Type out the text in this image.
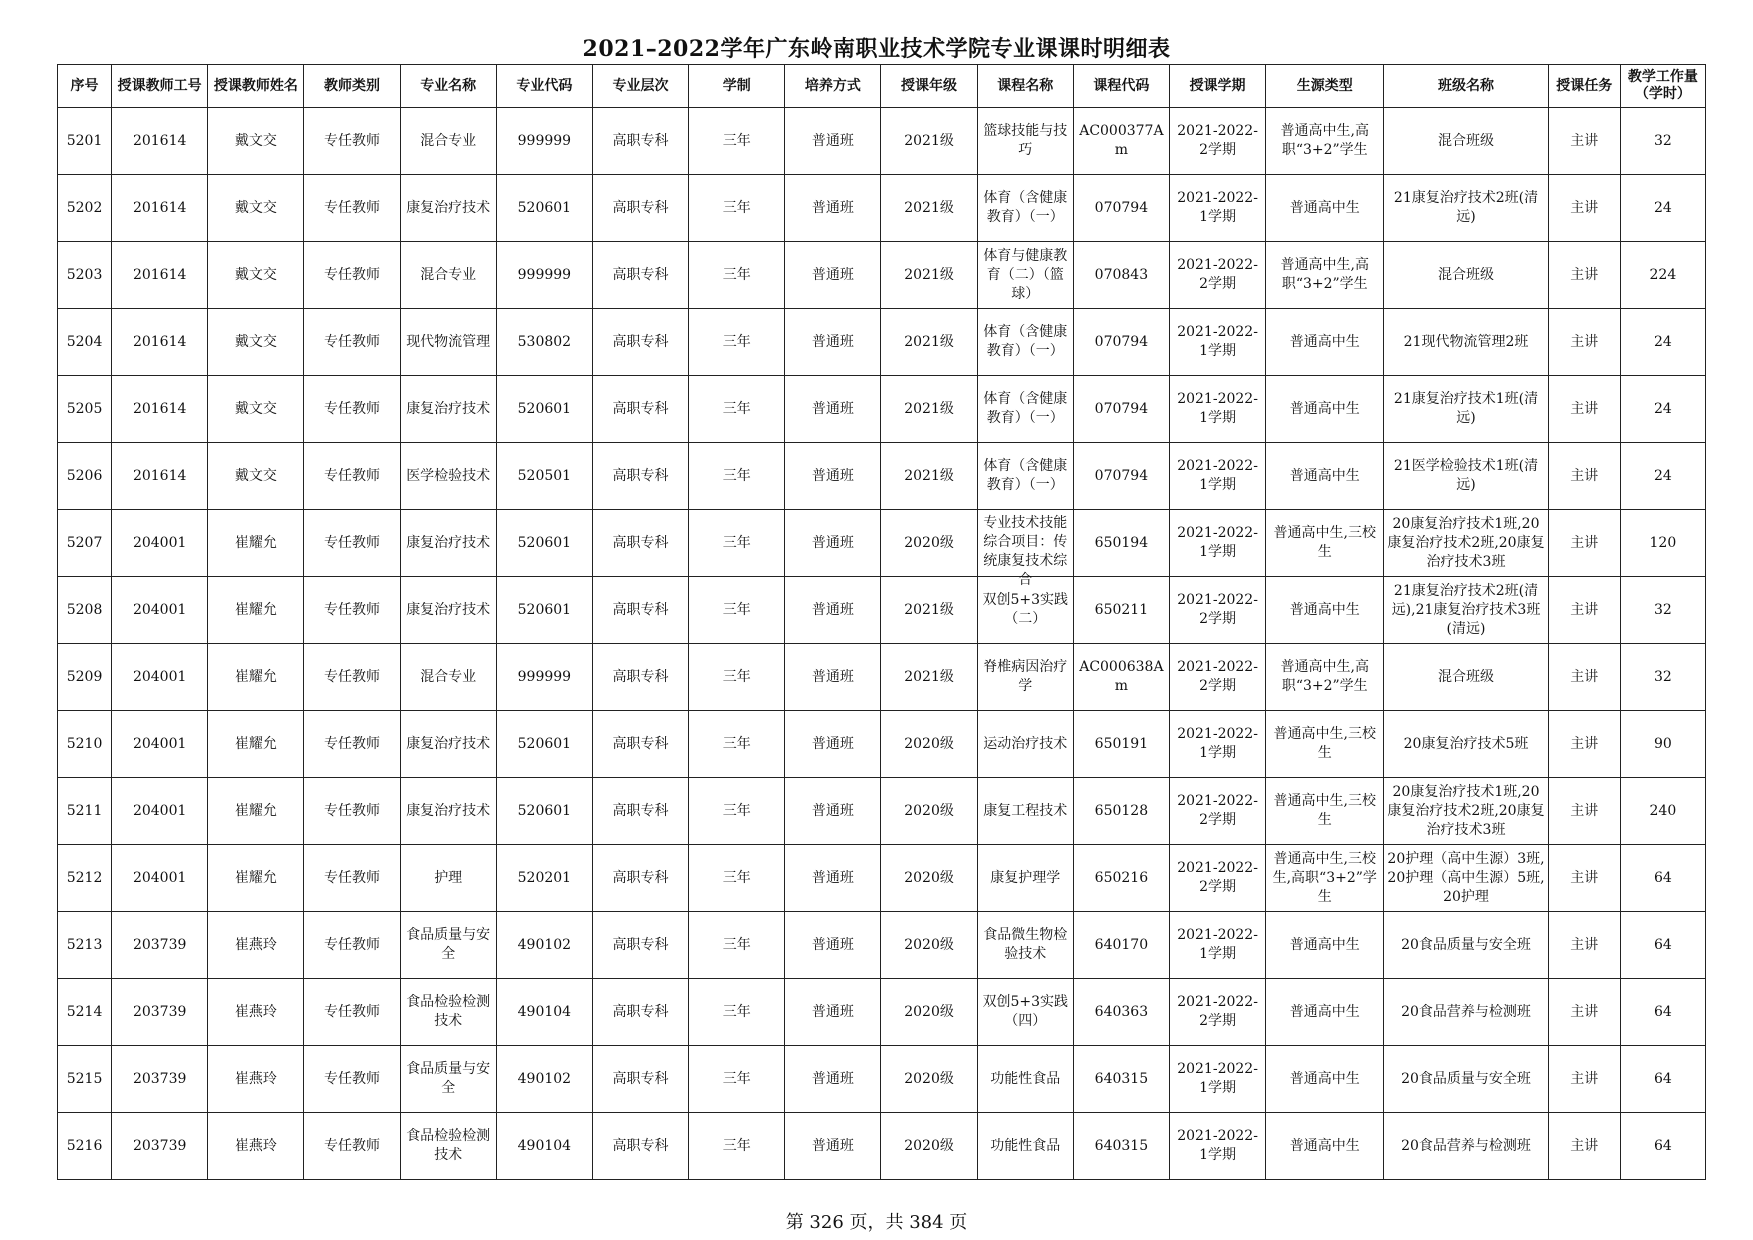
2021–2022学年广东岭南职业技术学院专业课课时明细表
序号	授课教师工号	授课教师姓名	教师类别	专业名称	专业代码	专业层次	学制	培养方式	授课年级	课程名称	课程代码	授课学期	生源类型	班级名称	授课任务	教学工作量（学时）

5201	201614	戴文交	专任教师	混合专业	999999	高职专科	三年	普通班	2021级	篮球技能与技巧	AC000377Am	2021-2022-2学期	普通高中生,高职“3+2”学生	混合班级	主讲	32

5202	201614	戴文交	专任教师	康复治疗技术	520601	高职专科	三年	普通班	2021级	体育（含健康教育）（一）	070794	2021-2022-1学期	普通高中生	21康复治疗技术2班(清远)	主讲	24

5203	201614	戴文交	专任教师	混合专业	999999	高职专科	三年	普通班	2021级	体育与健康教育（二）（篮球）	070843	2021-2022-2学期	普通高中生,高职“3+2”学生	混合班级	主讲	224

5204	201614	戴文交	专任教师	现代物流管理	530802	高职专科	三年	普通班	2021级	体育（含健康教育）（一）	070794	2021-2022-1学期	普通高中生	21现代物流管理2班	主讲	24

5205	201614	戴文交	专任教师	康复治疗技术	520601	高职专科	三年	普通班	2021级	体育（含健康教育）（一）	070794	2021-2022-1学期	普通高中生	21康复治疗技术1班(清远)	主讲	24

5206	201614	戴文交	专任教师	医学检验技术	520501	高职专科	三年	普通班	2021级	体育（含健康教育）（一）	070794	2021-2022-1学期	普通高中生	21医学检验技术1班(清远)	主讲	24

5207	204001	崔耀允	专任教师	康复治疗技术	520601	高职专科	三年	普通班	2020级	专业技术技能综合项目：传统康复技术综合	650194	2021-2022-1学期	普通高中生,三校生	20康复治疗技术1班,20康复治疗技术2班,20康复治疗技术3班	主讲	120

5208	204001	崔耀允	专任教师	康复治疗技术	520601	高职专科	三年	普通班	2021级	双创5+3实践（二）	650211	2021-2022-2学期	普通高中生	21康复治疗技术2班(清远),21康复治疗技术3班(清远)	主讲	32

5209	204001	崔耀允	专任教师	混合专业	999999	高职专科	三年	普通班	2021级	脊椎病因治疗学	AC000638Am	2021-2022-2学期	普通高中生,高职“3+2”学生	混合班级	主讲	32

5210	204001	崔耀允	专任教师	康复治疗技术	520601	高职专科	三年	普通班	2020级	运动治疗技术	650191	2021-2022-1学期	普通高中生,三校生	20康复治疗技术5班	主讲	90

5211	204001	崔耀允	专任教师	康复治疗技术	520601	高职专科	三年	普通班	2020级	康复工程技术	650128	2021-2022-2学期	普通高中生,三校生	20康复治疗技术1班,20康复治疗技术2班,20康复治疗技术3班	主讲	240

5212	204001	崔耀允	专任教师	护理	520201	高职专科	三年	普通班	2020级	康复护理学	650216	2021-2022-2学期	普通高中生,三校生,高职“3+2”学生	20护理（高中生源）3班,20护理（高中生源）5班,20护理	主讲	64

5213	203739	崔燕玲	专任教师	食品质量与安全	490102	高职专科	三年	普通班	2020级	食品微生物检验技术	640170	2021-2022-1学期	普通高中生	20食品质量与安全班	主讲	64

5214	203739	崔燕玲	专任教师	食品检验检测技术	490104	高职专科	三年	普通班	2020级	双创5+3实践（四）	640363	2021-2022-2学期	普通高中生	20食品营养与检测班	主讲	64

5215	203739	崔燕玲	专任教师	食品质量与安全	490102	高职专科	三年	普通班	2020级	功能性食品	640315	2021-2022-1学期	普通高中生	20食品质量与安全班	主讲	64

5216	203739	崔燕玲	专任教师	食品检验检测技术	490104	高职专科	三年	普通班	2020级	功能性食品	640315	2021-2022-1学期	普通高中生	20食品营养与检测班	主讲	64
第 326 页，共 384 页
